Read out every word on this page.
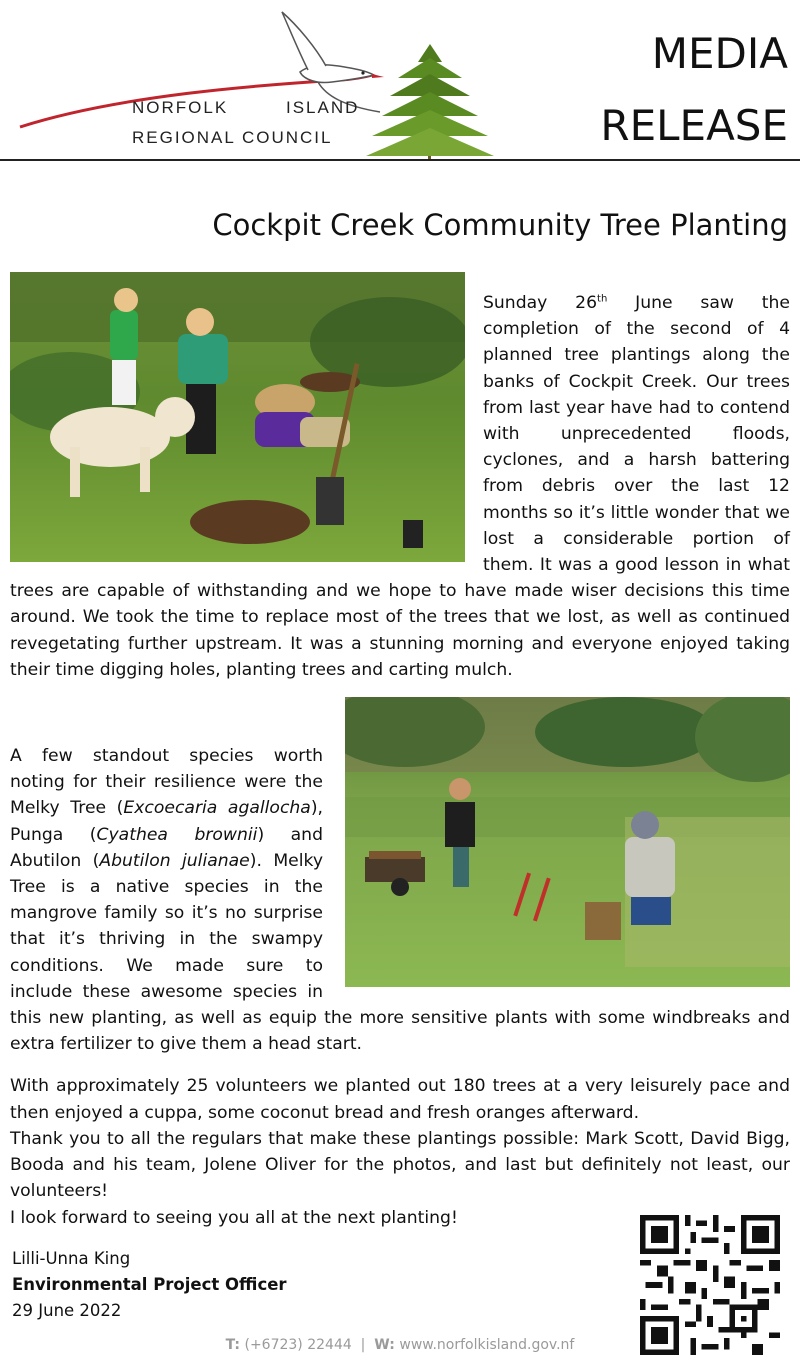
NORFOLK	ISLAND
REGIONAL COUNCIL
MEDIA
RELEASE
Cockpit Creek Community Tree Planting

Sunday 26th June saw the completion of the second of 4 planned tree plantings along the banks of Cockpit Creek. Our trees from last year have had to contend with unprecedented floods, cyclones, and a harsh battering from debris over the last 12 months so it’s little wonder that we lost a considerable portion of them. It was a good lesson in what trees are capable of withstanding and we hope to have made wiser decisions this time around. We took the time to replace most of the trees that we lost, as well as continued revegetating further upstream. It was a stunning morning and everyone enjoyed taking their time digging holes, planting trees and carting mulch.

A few standout species worth noting for their resilience were the Melky Tree (Excoecaria agallocha), Punga (Cyathea brownii) and Abutilon (Abutilon julianae). Melky Tree is a native species in the mangrove family so it’s no surprise that it’s thriving in the swampy conditions. We made sure to include these awesome species in this new planting, as well as equip the more sensitive plants with some windbreaks and extra fertilizer to give them a head start.

With approximately 25 volunteers we planted out 180 trees at a very leisurely pace and then enjoyed a cuppa, some coconut bread and fresh oranges afterward.

Thank you to all the regulars that make these plantings possible: Mark Scott, David Bigg, Booda and his team, Jolene Oliver for the photos, and last but definitely not least, our volunteers!

I look forward to seeing you all at the next planting!

Lilli-Unna King
Environmental Project Officer
29 June 2022
T: (+6723) 22444 | W: www.norfolkisland.gov.nf
